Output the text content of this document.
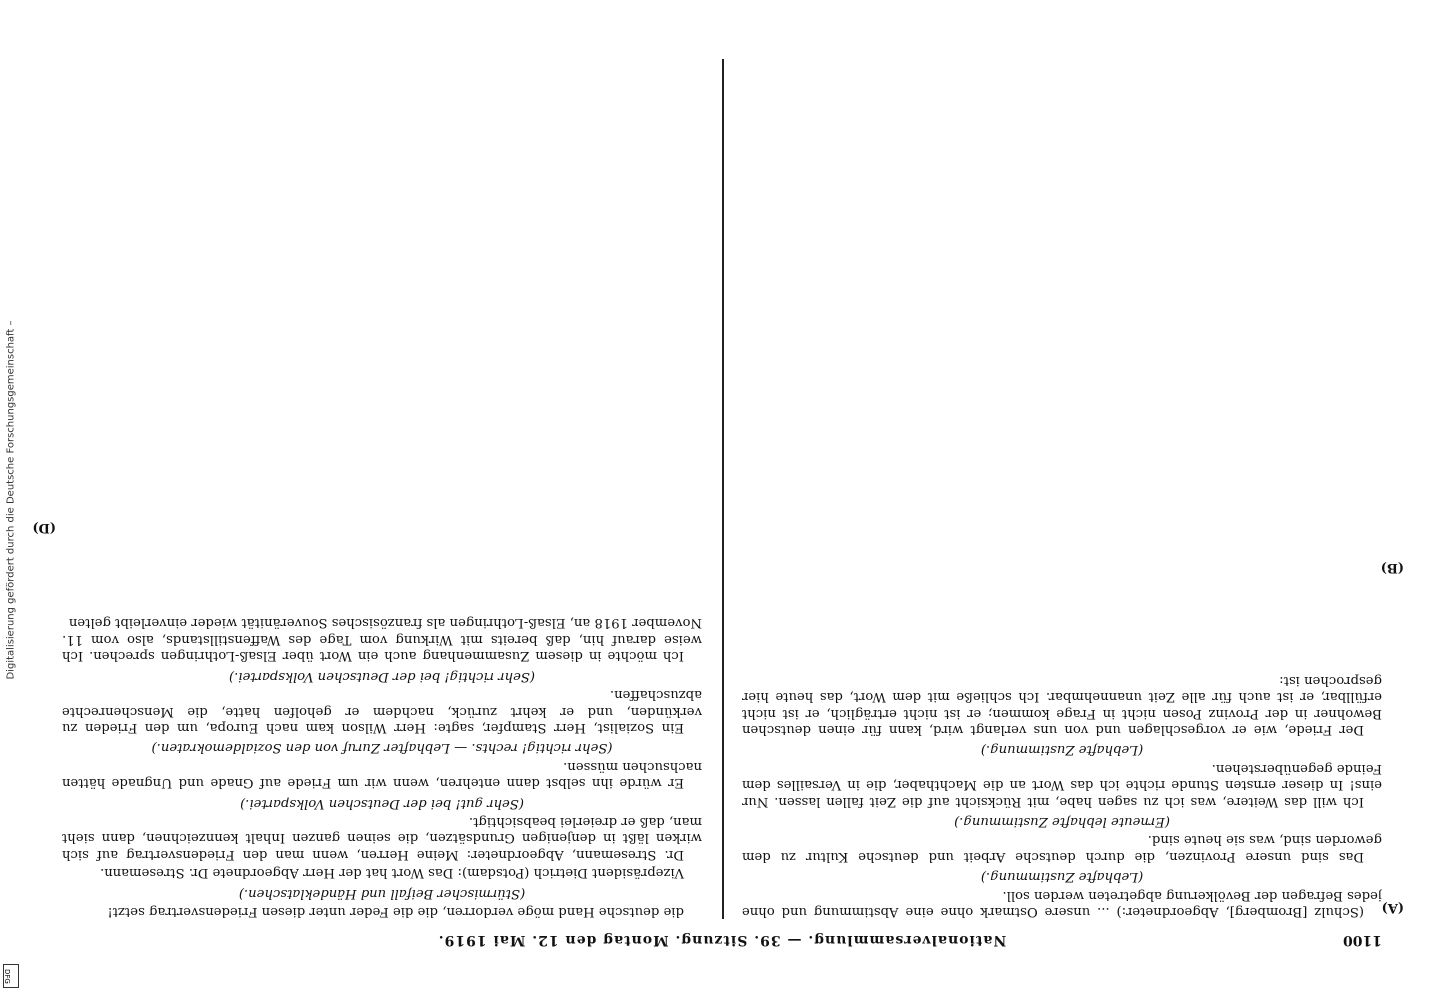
Digitalisierung gefördert durch die Deutsche Forschungsgemeinschaft –
DFG
1100
Nationalversammlung. — 39. Sitzung. Montag den 12. Mai 1919.
(A)
(B)
(D)

(Schulz [Bromberg], Abgeordneter:) ... unsere Ostmark ohne eine Abstimmung und ohne jedes Befragen der Bevölkerung abgetreten werden soll.

(Lebhafte Zustimmung.)

Das sind unsere Provinzen, die durch deutsche Arbeit und deutsche Kultur zu dem geworden sind, was sie heute sind.

(Erneute lebhafte Zustimmung.)

Ich will das Weitere, was ich zu sagen habe, mit Rücksicht auf die Zeit fallen lassen. Nur eins! In dieser ernsten Stunde richte ich das Wort an die Machthaber, die in Versailles dem Feinde gegenüberstehen.

(Lebhafte Zustimmung.)

Der Friede, wie er vorgeschlagen und von uns verlangt wird, kann für einen deutschen Bewohner in der Provinz Posen nicht in Frage kommen; er ist nicht erträglich, er ist nicht erfüllbar, er ist auch für alle Zeit unannehmbar. Ich schließe mit dem Wort, das heute hier gesprochen ist:

die deutsche Hand möge verdorren, die die Feder unter diesen Friedensvertrag setzt!

(Stürmischer Beifall und Händeklatschen.)

Vizepräsident Dietrich (Potsdam): Das Wort hat der Herr Abgeordnete Dr. Stresemann.

Dr. Stresemann, Abgeordneter: Meine Herren, wenn man den Friedensvertrag auf sich wirken läßt in denjenigen Grundsätzen, die seinen ganzen Inhalt kennzeichnen, dann sieht man, daß er dreierlei beabsichtigt.

(Sehr gut! bei der Deutschen Volkspartei.)

Er würde ihn selbst dann entehren, wenn wir um Friede auf Gnade und Ungnade hätten nachsuchen müssen.

(Sehr richtig! rechts. — Lebhafter Zuruf von den Sozialdemokraten.)

Ein Sozialist, Herr Stampfer, sagte: Herr Wilson kam nach Europa, um den Frieden zu verkünden, und er kehrt zurück, nachdem er geholfen hatte, die Menschenrechte abzuschaffen.

(Sehr richtig! bei der Deutschen Volkspartei.)

Ich möchte in diesem Zusammenhang auch ein Wort über Elsaß-Lothringen sprechen. Ich weise darauf hin, daß bereits mit Wirkung vom Tage des Waffenstillstands, also vom 11. November 1918 an, Elsaß-Lothringen als französisches Souveränität wieder einverleibt gelten
